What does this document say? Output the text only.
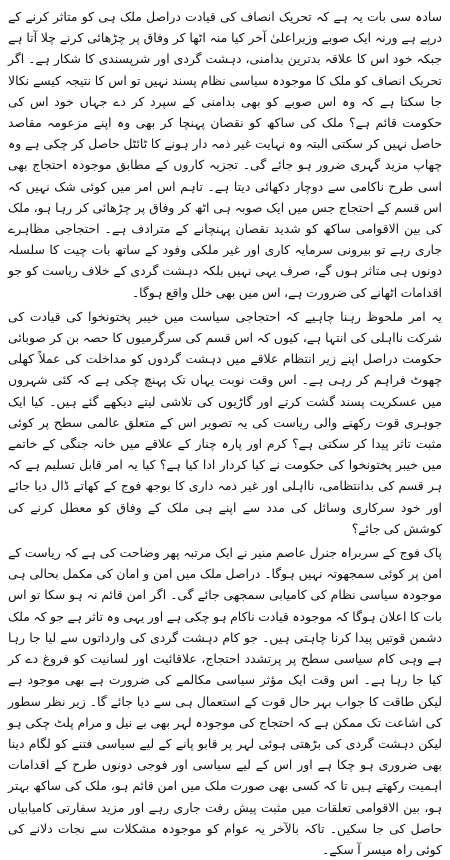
سادہ سی بات یہ ہے کہ تحریک انصاف کی قیادت دراصل ملک ہی کو متاثر کرنے کے درپے ہے ورنہ ایک صوبے وزیراعلیٰ آخر کیا منہ اٹھا کر وفاق پر چڑھائی کرنے چلا آتا ہے جبکہ خود اس کا علاقہ بدترین بدامنی، دہشت گردی اور شرپسندی کا شکار ہے۔ اگر تحریک انصاف کو ملک کا موجودہ سیاسی نظام پسند نہیں تو اس کا نتیجہ کیسے نکالا جا سکتا ہے کہ وہ اس صوبے کو بھی بدامنی کے سپرد کر دے جہاں خود اس کی حکومت قائم ہے؟ ملک کی ساکھ کو نقصان پہنچا کر بھی وہ اپنے مزعومہ مقاصد حاصل نہیں کر سکتی البتہ وہ نہایت غیر ذمہ دار ہونے کا ٹائٹل حاصل کر چکی ہے وہ چھاپ مزید گہری ضرور ہو جائے گی۔ تجزیہ کاروں کے مطابق موجودہ احتجاج بھی اسی طرح ناکامی سے دوچار دکھائی دیتا ہے۔ تاہم اس امر میں کوئی شک نہیں کہ اس قسم کے احتجاج جس میں ایک صوبہ ہی اٹھ کر وفاق پر چڑھائی کر رہا ہو، ملک کی بین الاقوامی ساکھ کو شدید نقصان پہنچانے کے مترادف ہے۔ احتجاجی مظاہرے جاری رہے تو بیرونی سرمایہ کاری اور غیر ملکی وفود کے ساتھ بات چیت کا سلسلہ دونوں ہی متاثر ہوں گے، صرف یہی نہیں بلکہ دہشت گردی کے خلاف ریاست کو جو اقدامات اٹھانے کی ضرورت ہے، اس میں بھی خلل واقع ہوگا۔

یہ امر ملحوظ رہنا چاہیے کہ احتجاجی سیاست میں خیبر پختونخوا کی قیادت کی شرکت نااہلی کی انتہا ہے، کیوں کہ اس قسم کی سرگرمیوں کا حصہ بن کر صوبائی حکومت دراصل اپنے زیر انتظام علاقے میں دہشت گردوں کو مداخلت کی عملاً کھلی چھوٹ فراہم کر رہی ہے۔ اس وقت نوبت یہاں تک پہنچ چکی ہے کہ کئی شہروں میں عسکریت پسند گشت کرتے اور گاڑیوں کی تلاشی لیتے دیکھے گئے ہیں۔ کیا ایک جوہری قوت رکھنے والی ریاست کی یہ تصویر اس کے متعلق عالمی سطح پر کوئی مثبت تاثر پیدا کر سکتی ہے؟ کرم اور پارہ چنار کے علاقے میں خانہ جنگی کے خاتمے میں خیبر پختونخوا کی حکومت نے کیا کردار ادا کیا ہے؟ کیا یہ امر قابل تسلیم ہے کہ ہر قسم کی بدانتظامی، نااہلی اور غیر ذمہ داری کا بوجھ فوج کے کھاتے ڈال دیا جائے اور خود سرکاری وسائل کی مدد سے اپنے ہی ملک کے وفاق کو معطل کرنے کی کوشش کی جائے؟

پاک فوج کے سربراہ جنرل عاصم منیر نے ایک مرتبہ پھر وضاحت کی ہے کہ ریاست کے امن پر کوئی سمجھوتہ نہیں ہوگا۔ دراصل ملک میں امن و امان کی مکمل بحالی ہی موجودہ سیاسی نظام کی کامیابی سمجھی جائے گی۔ اگر امن قائم نہ ہو سکا تو اس بات کا اعلان ہوگا کہ موجودہ قیادت ناکام ہو چکی ہے اور یہی وہ تاثر ہے جو کہ ملک دشمن قوتیں پیدا کرنا چاہتی ہیں۔ جو کام دہشت گردی کی وارداتوں سے لیا جا رہا ہے وہی کام سیاسی سطح پر پرتشدد احتجاج، علاقائیت اور لسانیت کو فروغ دے کر کیا جا رہا ہے۔ اس وقت ایک مؤثر سیاسی مکالمے کی ضرورت ہے بھی موجود ہے لیکن طاقت کا جواب بہر حال قوت کے استعمال ہی سے دیا جائے گا۔ زیر نظر سطور کی اشاعت تک ممکن ہے کہ احتجاج کی موجودہ لہر بھی بے نیل و مرام پلٹ چکی ہو لیکن دہشت گردی کی بڑھتی ہوئی لہر پر قابو پانے کے لیے سیاسی فتنے کو لگام دینا بھی ضروری ہو چکا ہے اور اس کے لیے سیاسی اور فوجی دونوں طرح کے اقدامات اہمیت رکھتے ہیں تا کہ کسی بھی صورت ملک میں امن قائم ہو، ملک کی ساکھ بہتر ہو، بین الاقوامی تعلقات میں مثبت پیش رفت جاری رہے اور مزید سفارتی کامیابیاں حاصل کی جا سکیں۔ تاکہ بالآخر یہ عوام کو موجودہ مشکلات سے نجات دلانے کی کوئی راہ میسر آ سکے۔
